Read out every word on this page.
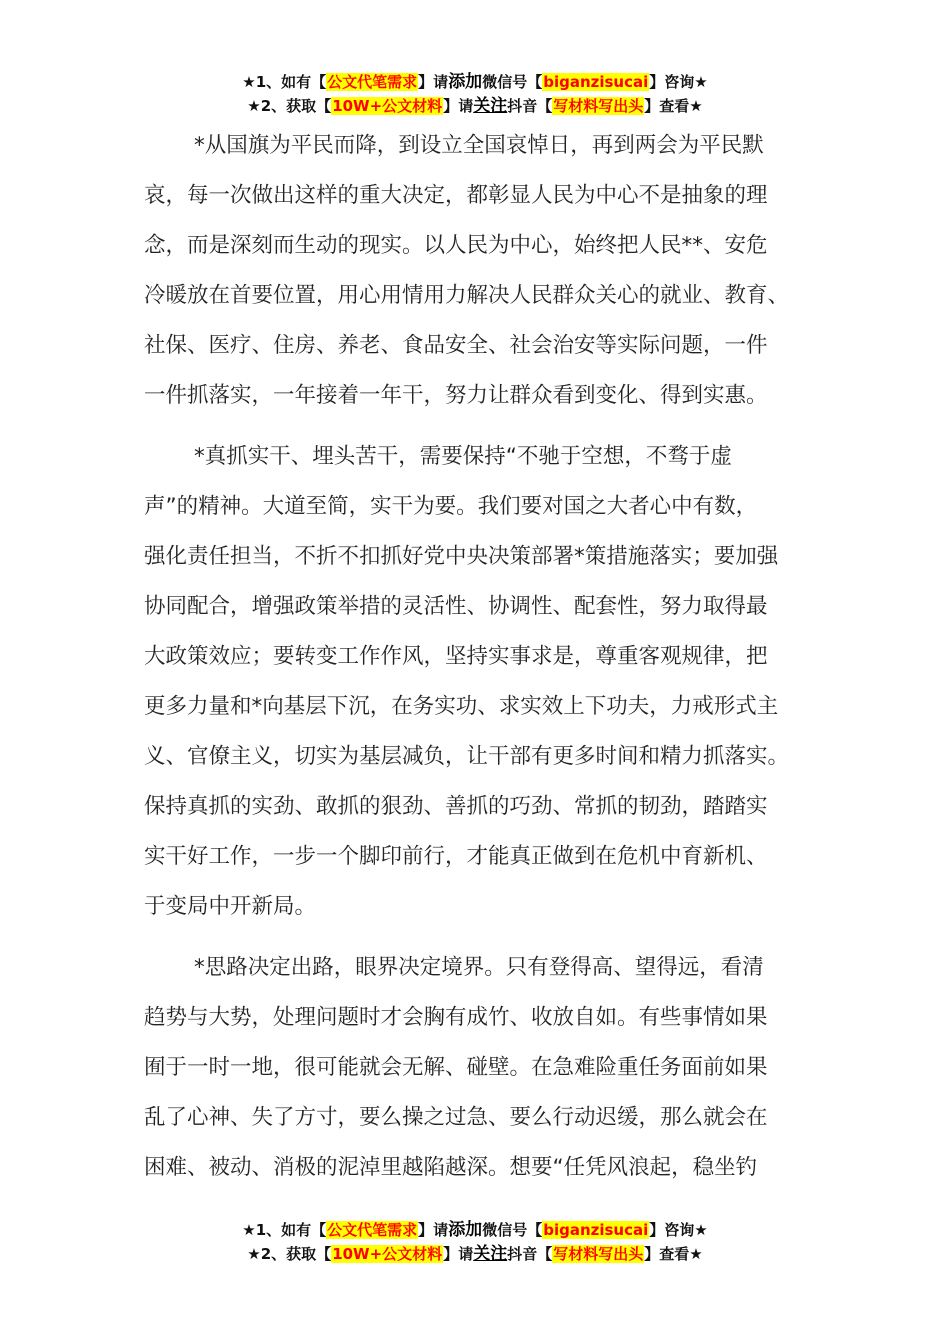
★1、如有【公文代笔需求】请添加微信号【biganzisucai】咨询★
★2、获取【10W+公文材料】请关注抖音【写材料写出头】查看★
*从国旗为平民而降，到设立全国哀悼日，再到两会为平民默
哀，每一次做出这样的重大决定，都彰显人民为中心不是抽象的理
念，而是深刻而生动的现实。以人民为中心，始终把人民**、安危
冷暖放在首要位置，用心用情用力解决人民群众关心的就业、教育、
社保、医疗、住房、养老、食品安全、社会治安等实际问题，一件
一件抓落实，一年接着一年干，努力让群众看到变化、得到实惠。
*真抓实干、埋头苦干，需要保持“不驰于空想，不骛于虚
声”的精神。大道至简，实干为要。我们要对国之大者心中有数，
强化责任担当，不折不扣抓好党中央决策部署*策措施落实；要加强
协同配合，增强政策举措的灵活性、协调性、配套性，努力取得最
大政策效应；要转变工作作风，坚持实事求是，尊重客观规律，把
更多力量和*向基层下沉，在务实功、求实效上下功夫，力戒形式主
义、官僚主义，切实为基层减负，让干部有更多时间和精力抓落实。
保持真抓的实劲、敢抓的狠劲、善抓的巧劲、常抓的韧劲，踏踏实
实干好工作，一步一个脚印前行，才能真正做到在危机中育新机、
于变局中开新局。
*思路决定出路，眼界决定境界。只有登得高、望得远，看清
趋势与大势，处理问题时才会胸有成竹、收放自如。有些事情如果
囿于一时一地，很可能就会无解、碰壁。在急难险重任务面前如果
乱了心神、失了方寸，要么操之过急、要么行动迟缓，那么就会在
困难、被动、消极的泥淖里越陷越深。想要“任凭风浪起，稳坐钓
★1、如有【公文代笔需求】请添加微信号【biganzisucai】咨询★
★2、获取【10W+公文材料】请关注抖音【写材料写出头】查看★
